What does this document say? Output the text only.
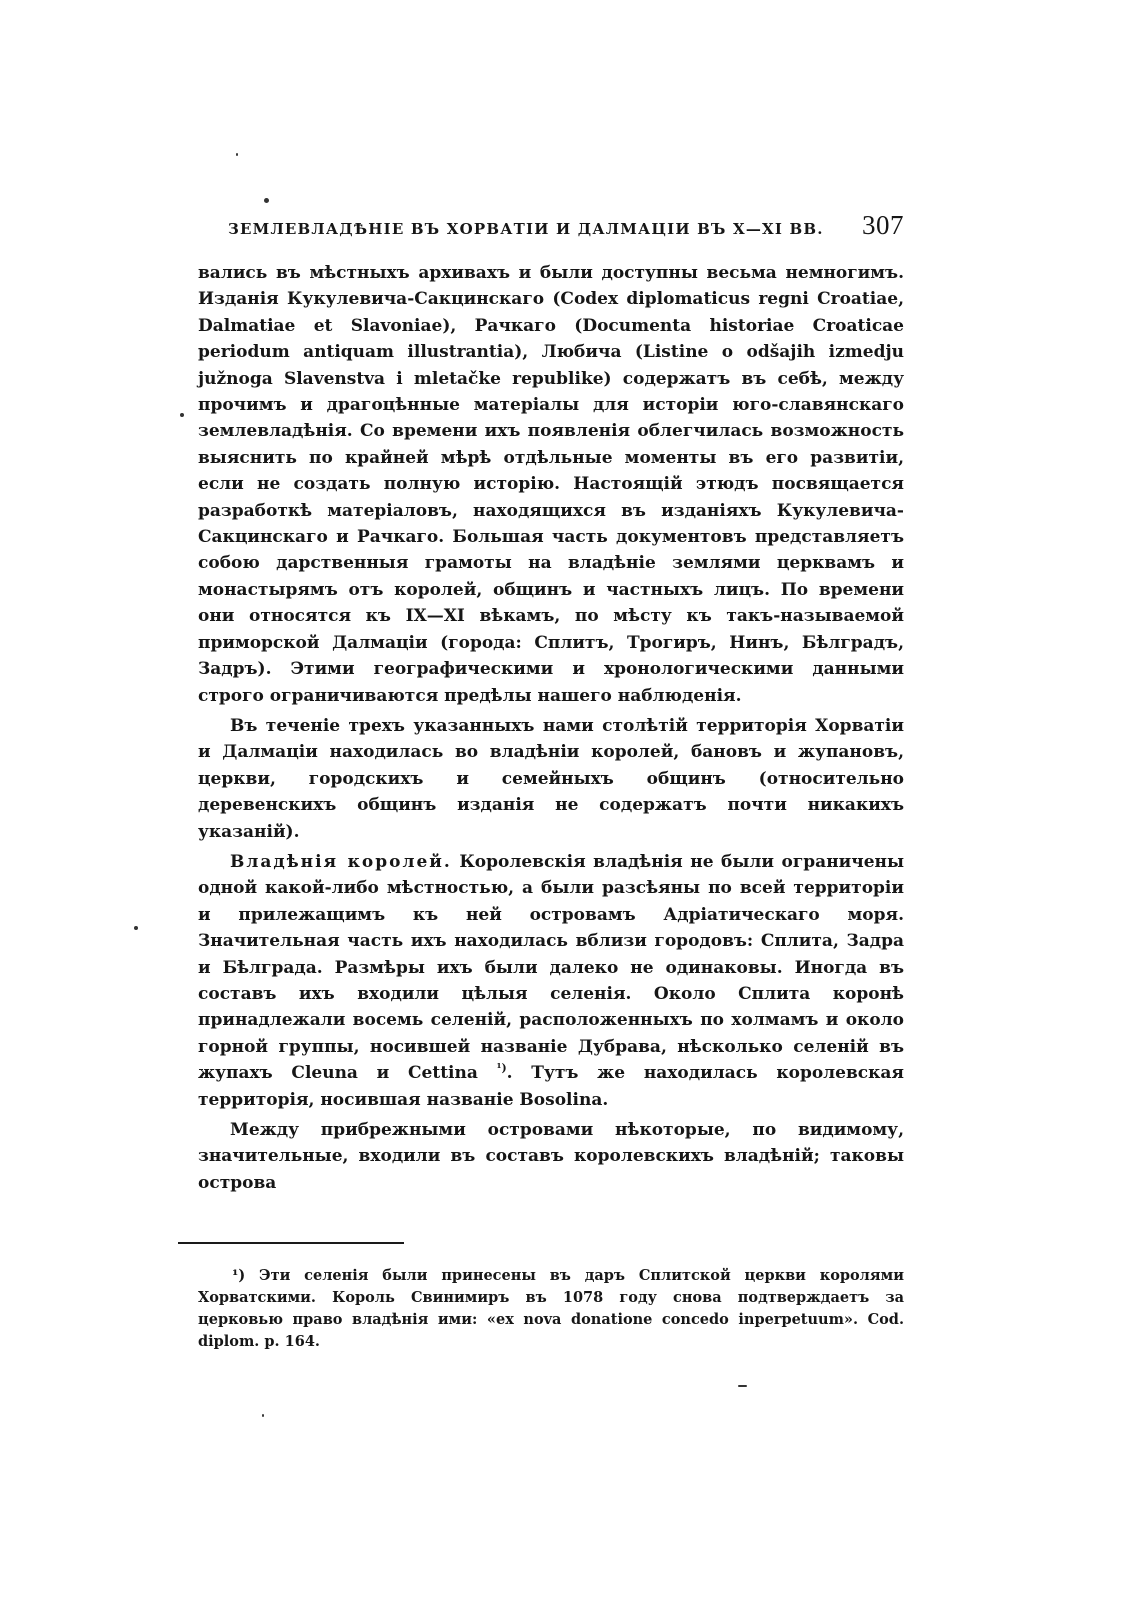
ЗЕМЛЕВЛАДѢНІЕ ВЪ ХОРВАТІИ И ДАЛМАЦІИ ВЪ X—XI ВВ. 307

вались въ мѣстныхъ архивахъ и были доступны весьма немногимъ. Изданія Кукулевича-Сакцинскаго (Codex diplomaticus regni Croatiae, Dalmatiae et Slavoniae), Рачкаго (Documenta historiae Croaticae periodum antiquam illustrantia), Любича (Listine o odšajih izmedju južnoga Slavenstva i mletačke republike) содержатъ въ себѣ, между прочимъ и драгоцѣнные матеріалы для исторіи юго-славянскаго землевладѣнія. Со времени ихъ появленія облегчилась возможность выяснить по крайней мѣрѣ отдѣльные моменты въ его развитіи, если не создать полную исторію. Настоящій этюдъ посвящается разработкѣ матеріаловъ, находящихся въ изданіяхъ Кукулевича-Сакцинскаго и Рачкаго. Большая часть документовъ представляетъ собою дарственныя грамоты на владѣніе землями церквамъ и монастырямъ отъ королей, общинъ и частныхъ лицъ. По времени они относятся къ IX—XI вѣкамъ, по мѣсту къ такъ-называемой приморской Далмаціи (города: Сплитъ, Трогиръ, Нинъ, Бѣлградъ, Задръ). Этими географическими и хронологическими данными строго ограничиваются предѣлы нашего наблюденія.

Въ теченіе трехъ указанныхъ нами столѣтій территорія Хорватіи и Далмаціи находилась во владѣніи королей, бановъ и жупановъ, церкви, городскихъ и семейныхъ общинъ (относительно деревенскихъ общинъ изданія не содержатъ почти никакихъ указаній).

Владѣнія королей. Королевскія владѣнія не были ограничены одной какой-либо мѣстностью, а были разсѣяны по всей территоріи и прилежащимъ къ ней островамъ Адріатическаго моря. Значительная часть ихъ находилась вблизи городовъ: Сплита, Задра и Бѣлграда. Размѣры ихъ были далеко не одинаковы. Иногда въ составъ ихъ входили цѣлыя селенія. Около Сплита коронѣ принадлежали восемь селеній, расположенныхъ по холмамъ и около горной группы, носившей названіе Дубрава, нѣсколько селеній въ жупахъ Cleuna и Cettina $^{^1)}$. Тутъ же находилась королевская территорія, носившая названіе Bosolina.

Между прибрежными островами нѣкоторые, по видимому, значительные, входили въ составъ королевскихъ владѣній; таковы острова

¹) Эти селенія были принесены въ даръ Сплитской церкви королями Хорватскими. Король Свинимиръ въ 1078 году снова подтверждаетъ за церковью право владѣнія ими: «ex nova donatione concedo inperpetuum». Cod. diplom. p. 164.
